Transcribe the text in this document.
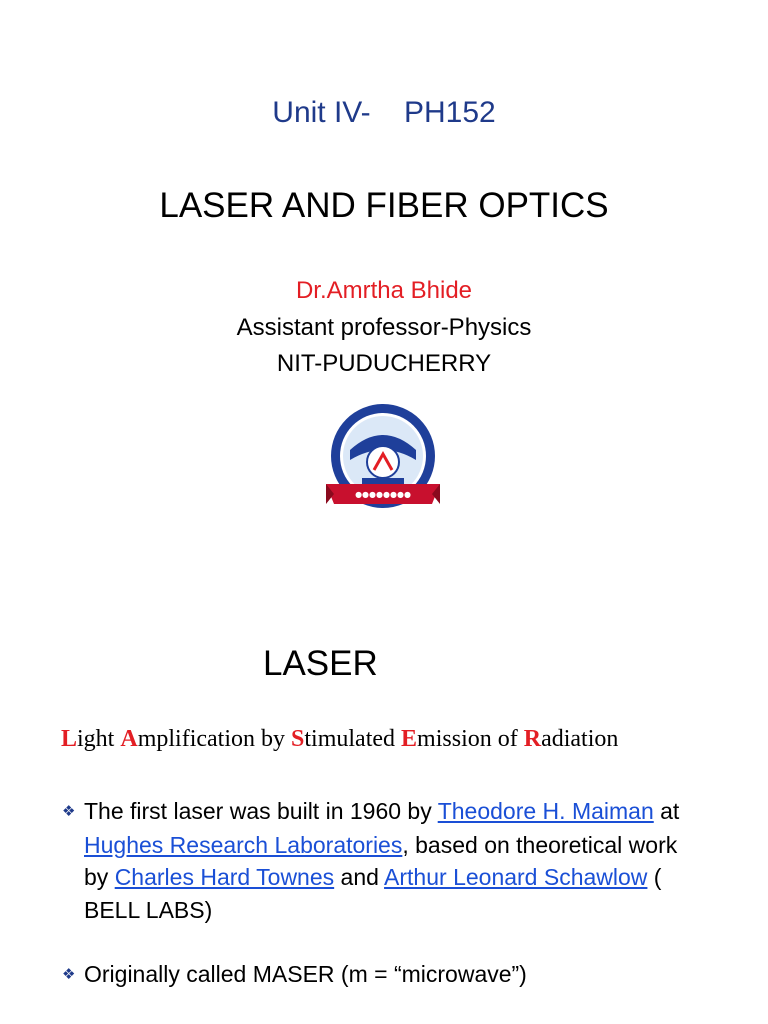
Unit IV-    PH152
LASER AND FIBER OPTICS
Dr.Amrtha Bhide
Assistant professor-Physics
NIT-PUDUCHERRY
●●●●●●●●
LASER
Light Amplification by Stimulated Emission of Radiation
❖ The first laser was built in 1960 by Theodore H. Maiman at Hughes Research Laboratories, based on theoretical work by Charles Hard Townes and Arthur Leonard Schawlow ( BELL LABS)
❖ Originally called MASER (m = “microwave”)
